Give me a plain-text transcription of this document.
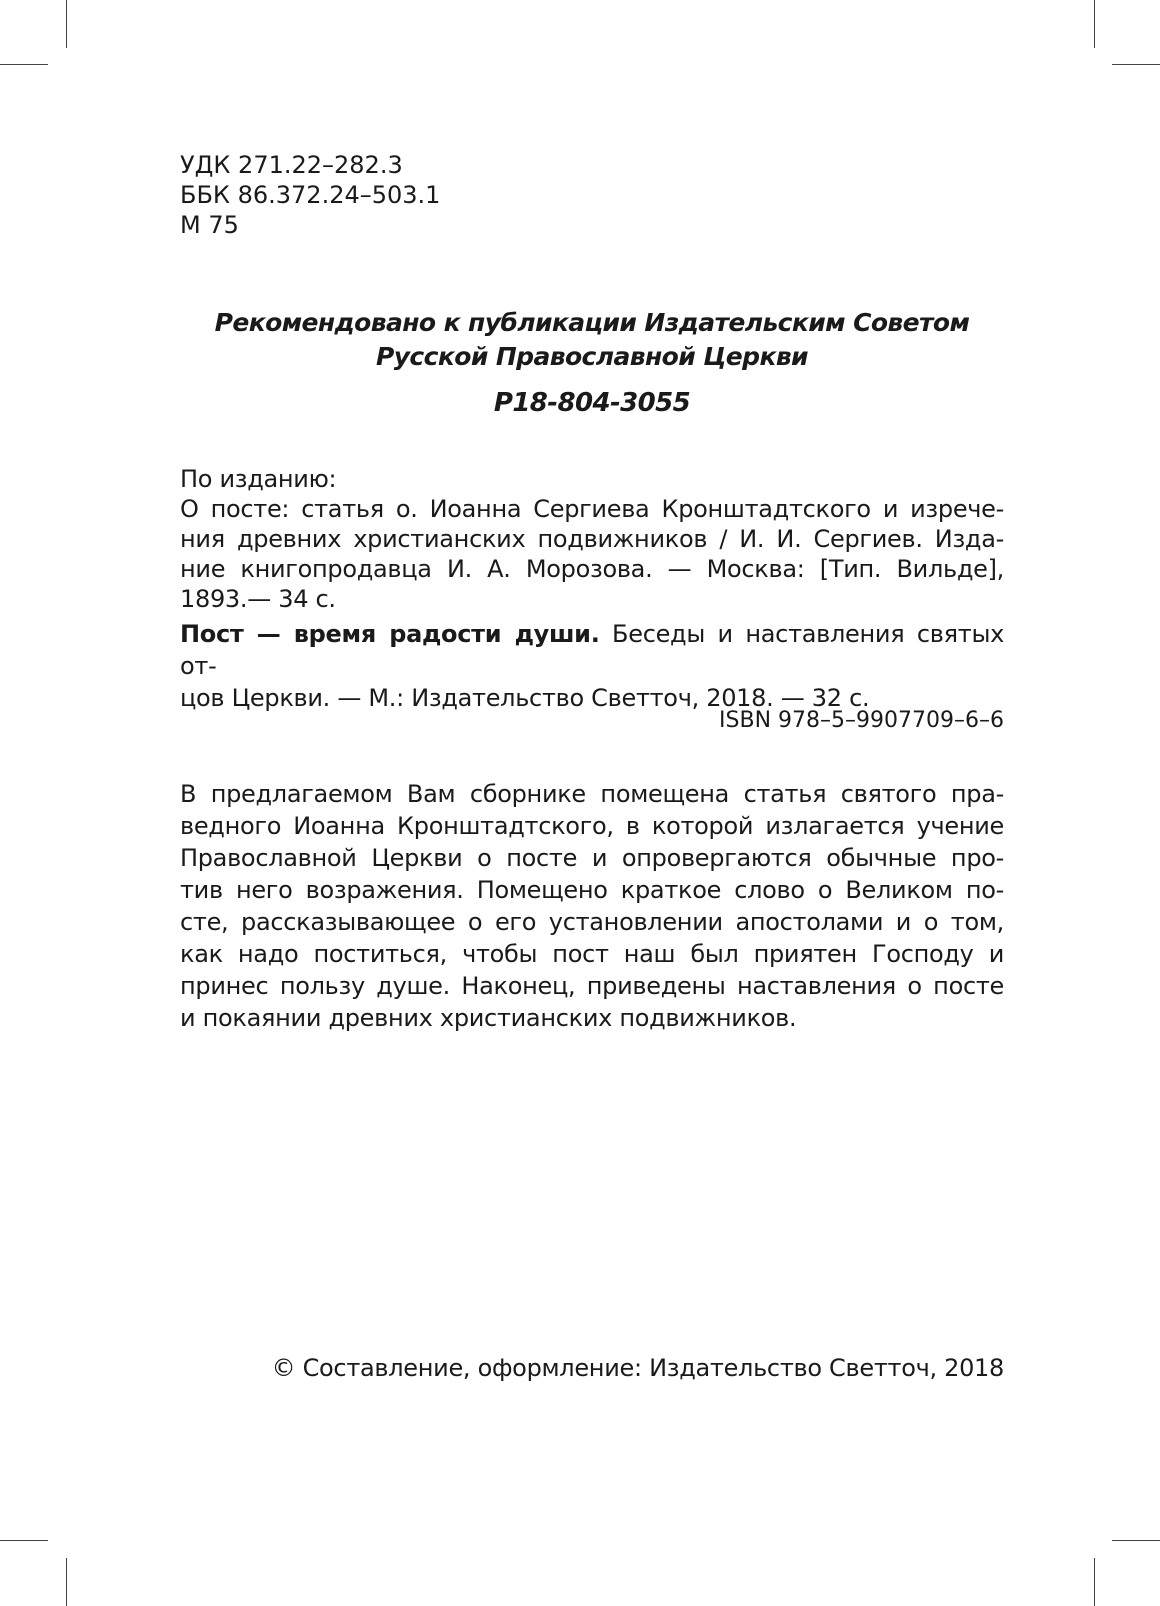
УДК 271.22–282.3
ББК 86.372.24–503.1
М 75
Рекомендовано к публикации Издательским Советом
Русской Православной Церкви
Р18-804-3055
По изданию:
О посте: статья о. Иоанна Сергиева Кронштадтского и изрече-
ния древних христианских подвижников / И. И. Сергиев. Изда-
ние книгопродавца И. А. Морозова. — Москва: [Тип. Вильде],
1893.— 34 с.
Пост — время радости души. Беседы и наставления святых от-
цов Церкви. — М.: Издательство Светточ, 2018. — 32 с.
ISBN 978–5–9907709–6–6
В предлагаемом Вам сборнике помещена статья святого пра-
ведного Иоанна Кронштадтского, в которой излагается учение
Православной Церкви о посте и опровергаются обычные про-
тив него возражения. Помещено краткое слово о Великом по-
сте, рассказывающее о его установлении апостолами и о том,
как надо поститься, чтобы пост наш был приятен Господу и
принес пользу душе. Наконец, приведены наставления о посте
и покаянии древних христианских подвижников.
© Составление, оформление: Издательство Светточ, 2018
